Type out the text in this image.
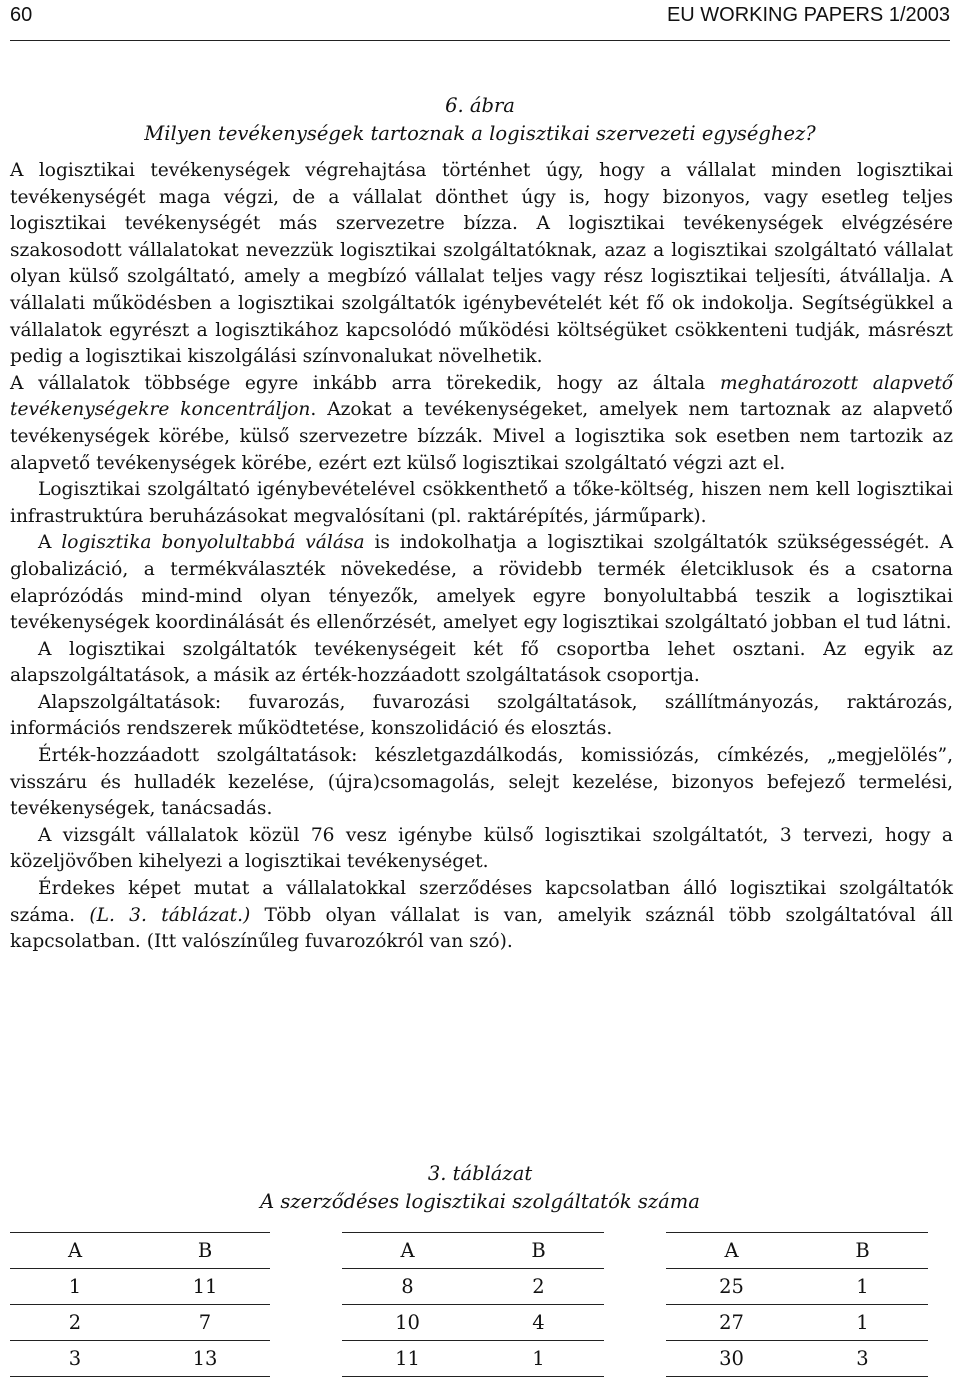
60	EU WORKING PAPERS 1/2003
6. ábra
Milyen tevékenységek tartoznak a logisztikai szervezeti egységhez?

A logisztikai tevékenységek végrehajtása történhet úgy, hogy a vállalat minden logisztikai tevékenységét maga végzi, de a vállalat dönthet úgy is, hogy bizonyos, vagy esetleg teljes logisztikai tevékenységét más szervezetre bízza. A logisztikai tevékenységek elvégzésére szakosodott vállalatokat nevezzük logisztikai szolgáltatóknak, azaz a logisztikai szolgáltató vállalat olyan külső szolgáltató, amely a megbízó vállalat teljes vagy rész logisztikai teljesíti, átvállalja. A vállalati működésben a logisztikai szolgáltatók igénybevételét két fő ok indokolja. Segítségükkel a vállalatok egyrészt a logisztikához kapcsolódó működési költségüket csökkenteni tudják, másrészt pedig a logisztikai kiszolgálási színvonalukat növelhetik.

A vállalatok többsége egyre inkább arra törekedik, hogy az általa meghatározott alapvető tevékenységekre koncentráljon. Azokat a tevékenységeket, amelyek nem tartoznak az alapvető tevékenységek körébe, külső szervezetre bízzák. Mivel a logisztika sok esetben nem tartozik az alapvető tevékenységek körébe, ezért ezt külső logisztikai szolgáltató végzi azt el.

Logisztikai szolgáltató igénybevételével csökkenthető a tőke-költség, hiszen nem kell logisztikai infrastruktúra beruházásokat megvalósítani (pl. raktárépítés, járműpark).

A logisztika bonyolultabbá válása is indokolhatja a logisztikai szolgáltatók szükségességét. A globalizáció, a termékválaszték növekedése, a rövidebb termék életciklusok és a csatorna elaprózódás mind-mind olyan tényezők, amelyek egyre bonyolultabbá teszik a logisztikai tevékenységek koordinálását és ellenőrzését, amelyet egy logisztikai szolgáltató jobban el tud látni.

A logisztikai szolgáltatók tevékenységeit két fő csoportba lehet osztani. Az egyik az alapszolgáltatások, a másik az érték-hozzáadott szolgáltatások csoportja.

Alapszolgáltatások: fuvarozás, fuvarozási szolgáltatások, szállítmányozás, raktározás, információs rendszerek működtetése, konszolidáció és elosztás.

Érték-hozzáadott szolgáltatások: készletgazdálkodás, komissiózás, címkézés, „megjelölés”, visszáru és hulladék kezelése, (újra)csomagolás, selejt kezelése, bizonyos befejező termelési, tevékenységek, tanácsadás.

A vizsgált vállalatok közül 76 vesz igénybe külső logisztikai szolgáltatót, 3 tervezi, hogy a közeljövőben kihelyezi a logisztikai tevékenységet.

Érdekes képet mutat a vállalatokkal szerződéses kapcsolatban álló logisztikai szolgáltatók száma. (L. 3. táblázat.) Több olyan vállalat is van, amelyik száznál több szolgáltatóval áll kapcsolatban. (Itt valószínűleg fuvarozókról van szó).

3. táblázat
A szerződéses logisztikai szolgáltatók száma
A	B
1	11
2	7
3	13
A	B
8	2
10	4
11	1
A	B
25	1
27	1
30	3
